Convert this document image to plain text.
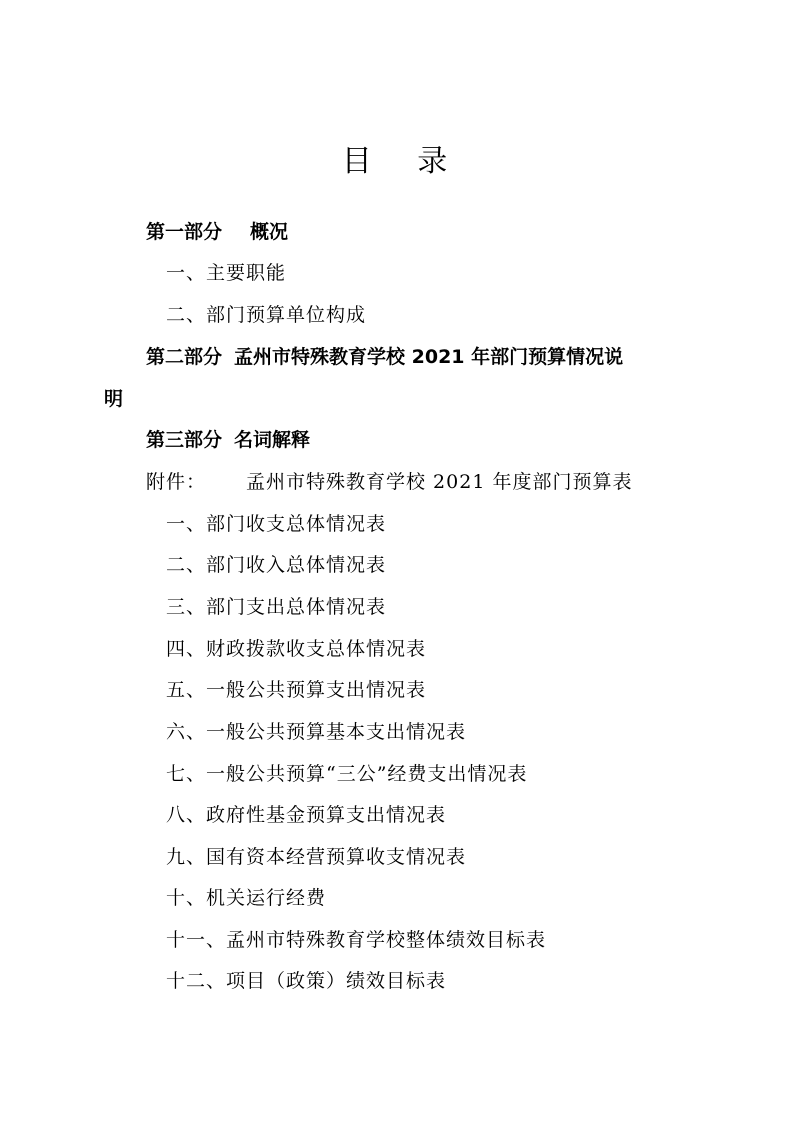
目 录
第一部分 概况
一、主要职能
二、部门预算单位构成
第二部分 孟州市特殊教育学校 2021 年部门预算情况说
明
第三部分 名词解释
附件： 孟州市特殊教育学校 2021 年度部门预算表
一、部门收支总体情况表
二、部门收入总体情况表
三、部门支出总体情况表
四、财政拨款收支总体情况表
五、一般公共预算支出情况表
六、一般公共预算基本支出情况表
七、一般公共预算“三公”经费支出情况表
八、政府性基金预算支出情况表
九、国有资本经营预算收支情况表
十、机关运行经费
十一、孟州市特殊教育学校整体绩效目标表
十二、项目（政策）绩效目标表
